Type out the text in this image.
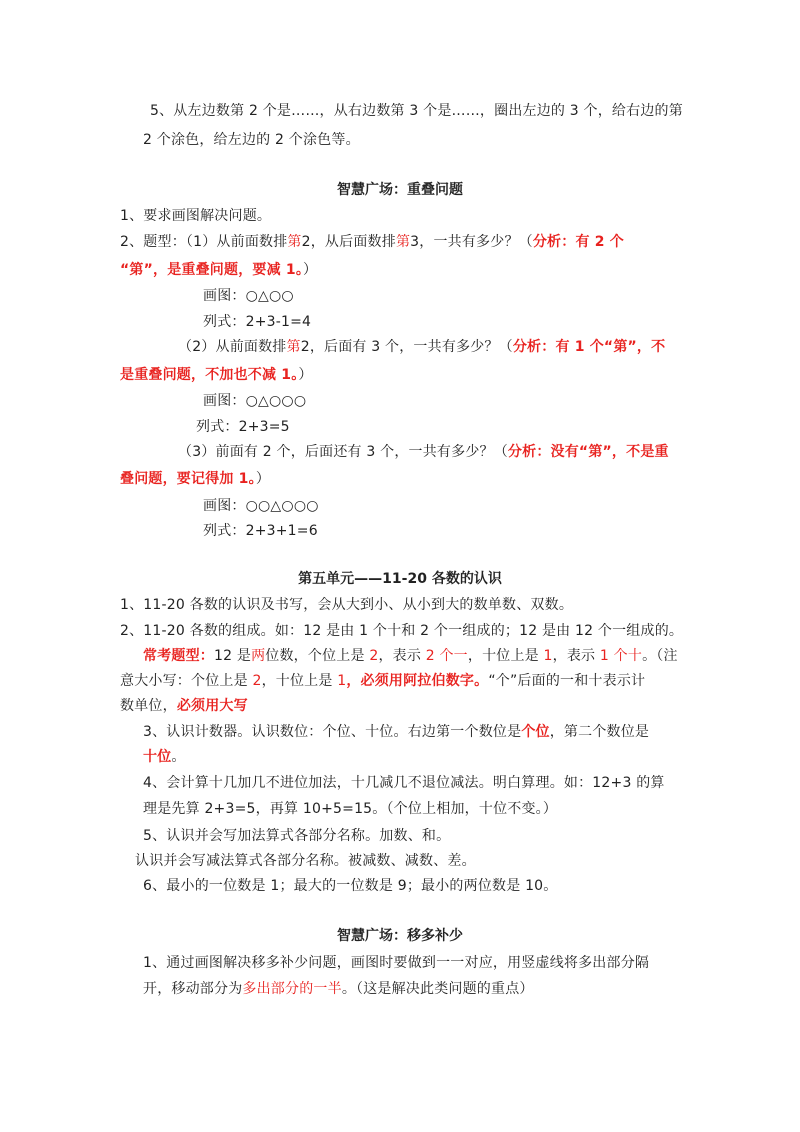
5、从左边数第 2 个是……，从右边数第 3 个是……，圈出左边的 3 个，给右边的第
2 个涂色，给左边的 2 个涂色等。
智慧广场：重叠问题
1、要求画图解决问题。
2、题型：（1）从前面数排第2，从后面数排第3，一共有多少？（分析：有 2 个
“第”，是重叠问题，要减 1。）
画图：○△○○
列式：2+3-1=4
（2）从前面数排第2，后面有 3 个，一共有多少？（分析：有 1 个“第”，不
是重叠问题，不加也不减 1。）
画图：○△○○○
列式：2+3=5
（3）前面有 2 个，后面还有 3 个，一共有多少？（分析：没有“第”，不是重
叠问题，要记得加 1。）
画图：○○△○○○
列式：2+3+1=6
第五单元——11-20 各数的认识
1、11-20 各数的认识及书写，会从大到小、从小到大的数单数、双数。
2、11-20 各数的组成。如：12 是由 1 个十和 2 个一组成的；12 是由 12 个一组成的。
常考题型：12 是两位数，个位上是 2，表示 2 个一，十位上是 1，表示 1 个十。（注
意大小写：个位上是 2，十位上是 1，必须用阿拉伯数字。“个”后面的一和十表示计
数单位，必须用大写
3、认识计数器。认识数位：个位、十位。右边第一个数位是个位，第二个数位是
十位。
4、会计算十几加几不进位加法，十几减几不退位减法。明白算理。如：12+3 的算
理是先算 2+3=5，再算 10+5=15。（个位上相加，十位不变。）
5、认识并会写加法算式各部分名称。加数、和。
认识并会写减法算式各部分名称。被减数、减数、差。
6、最小的一位数是 1；最大的一位数是 9；最小的两位数是 10。
智慧广场：移多补少
1、通过画图解决移多补少问题，画图时要做到一一对应，用竖虚线将多出部分隔
开，移动部分为多出部分的一半。（这是解决此类问题的重点）
